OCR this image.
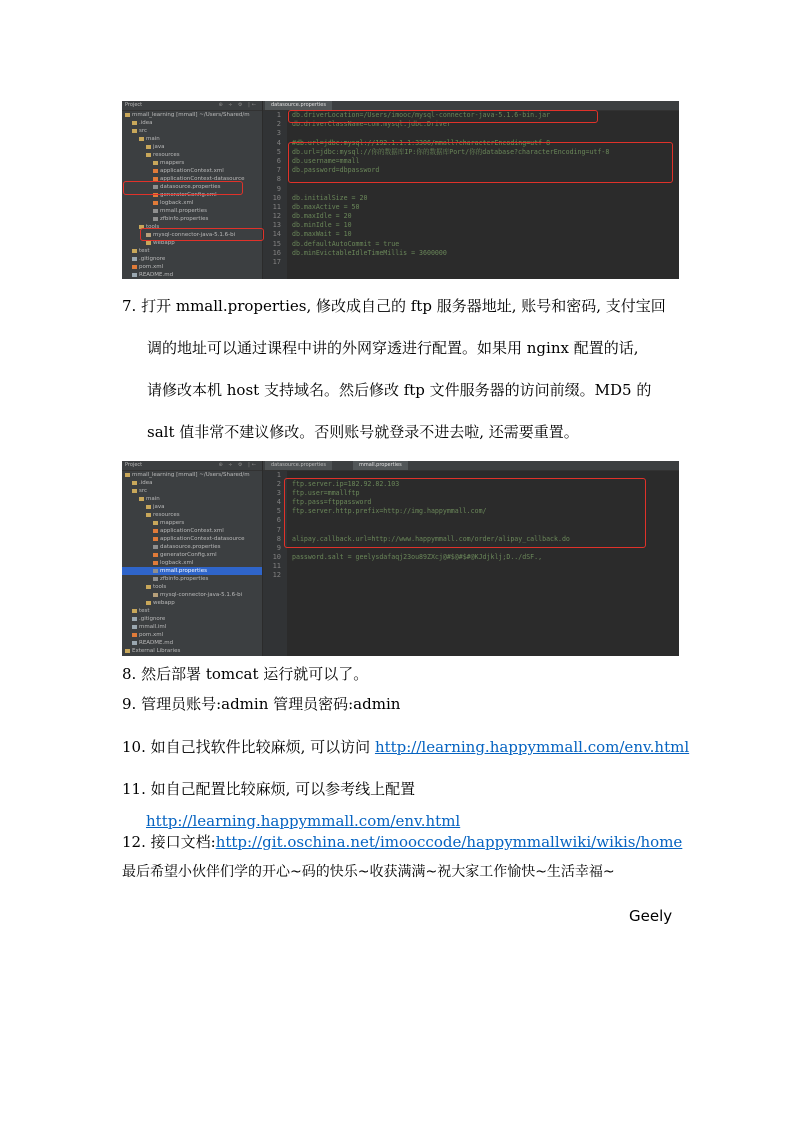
Project	⊕ ÷ ⚙ |←
mmall_learning [mmall] ~/Users/Shared/m
.idea
src
main
java
resources
mappers
applicationContext.xml
applicationContext-datasource
datasource.properties
generatorConfig.xml
logback.xml
mmall.properties
zfbinfo.properties
tools
mysql-connector-java-5.1.6-bi
webapp
test
.gitignore
pom.xml
README.md
datasource.properties
1
2
3
4
5
6
7
8
9
10
11
12
13
14
15
16
17
db.driverLocation=/Users/imooc/mysql-connector-java-5.1.6-bin.jar
db.driverClassName=com.mysql.jdbc.Driver
#db.url=jdbc:mysql://192.1.1.1:3306/mmall?characterEncoding=utf-8
db.url=jdbc:mysql://你的数据库IP:你的数据库Port/你的database?characterEncoding=utf-8
db.username=mmall
db.password=dbpassword
db.initialSize = 20
db.maxActive = 50
db.maxIdle = 20
db.minIdle = 10
db.maxWait = 10
db.defaultAutoCommit = true
db.minEvictableIdleTimeMillis = 3600000
7. 打开 mmall.properties, 修改成自己的 ftp 服务器地址, 账号和密码, 支付宝回
调的地址可以通过课程中讲的外网穿透进行配置。如果用 nginx 配置的话,
请修改本机 host 支持域名。然后修改 ftp 文件服务器的访问前缀。MD5 的
salt 值非常不建议修改。否则账号就登录不进去啦, 还需要重置。
Project	⊕ ÷ ⚙ |←
mmall_learning [mmall] ~/Users/Shared/m
.idea
src
main
java
resources
mappers
applicationContext.xml
applicationContext-datasource
datasource.properties
generatorConfig.xml
logback.xml
mmall.properties
zfbinfo.properties
tools
mysql-connector-java-5.1.6-bi
webapp
test
.gitignore
mmall.iml
pom.xml
README.md
External Libraries
datasource.properties	mmall.properties
1
2
3
4
5
6
7
8
9
10
11
12
ftp.server.ip=182.92.82.103
ftp.user=mmallftp
ftp.pass=ftppassword
ftp.server.http.prefix=http://img.happymmall.com/
alipay.callback.url=http://www.happymmall.com/order/alipay_callback.do
password.salt = geelysdafaqj23ou89ZXcj@#$@#$#@KJdjklj;D../dSF.,
8. 然后部署 tomcat 运行就可以了。
9. 管理员账号:admin 管理员密码:admin
10. 如自己找软件比较麻烦, 可以访问 http://learning.happymmall.com/env.html
11. 如自己配置比较麻烦, 可以参考线上配置
http://learning.happymmall.com/env.html
12. 接口文档:http://git.oschina.net/imooccode/happymmallwiki/wikis/home
最后希望小伙伴们学的开心~码的快乐~收获满满~祝大家工作愉快~生活幸福~
Geely
